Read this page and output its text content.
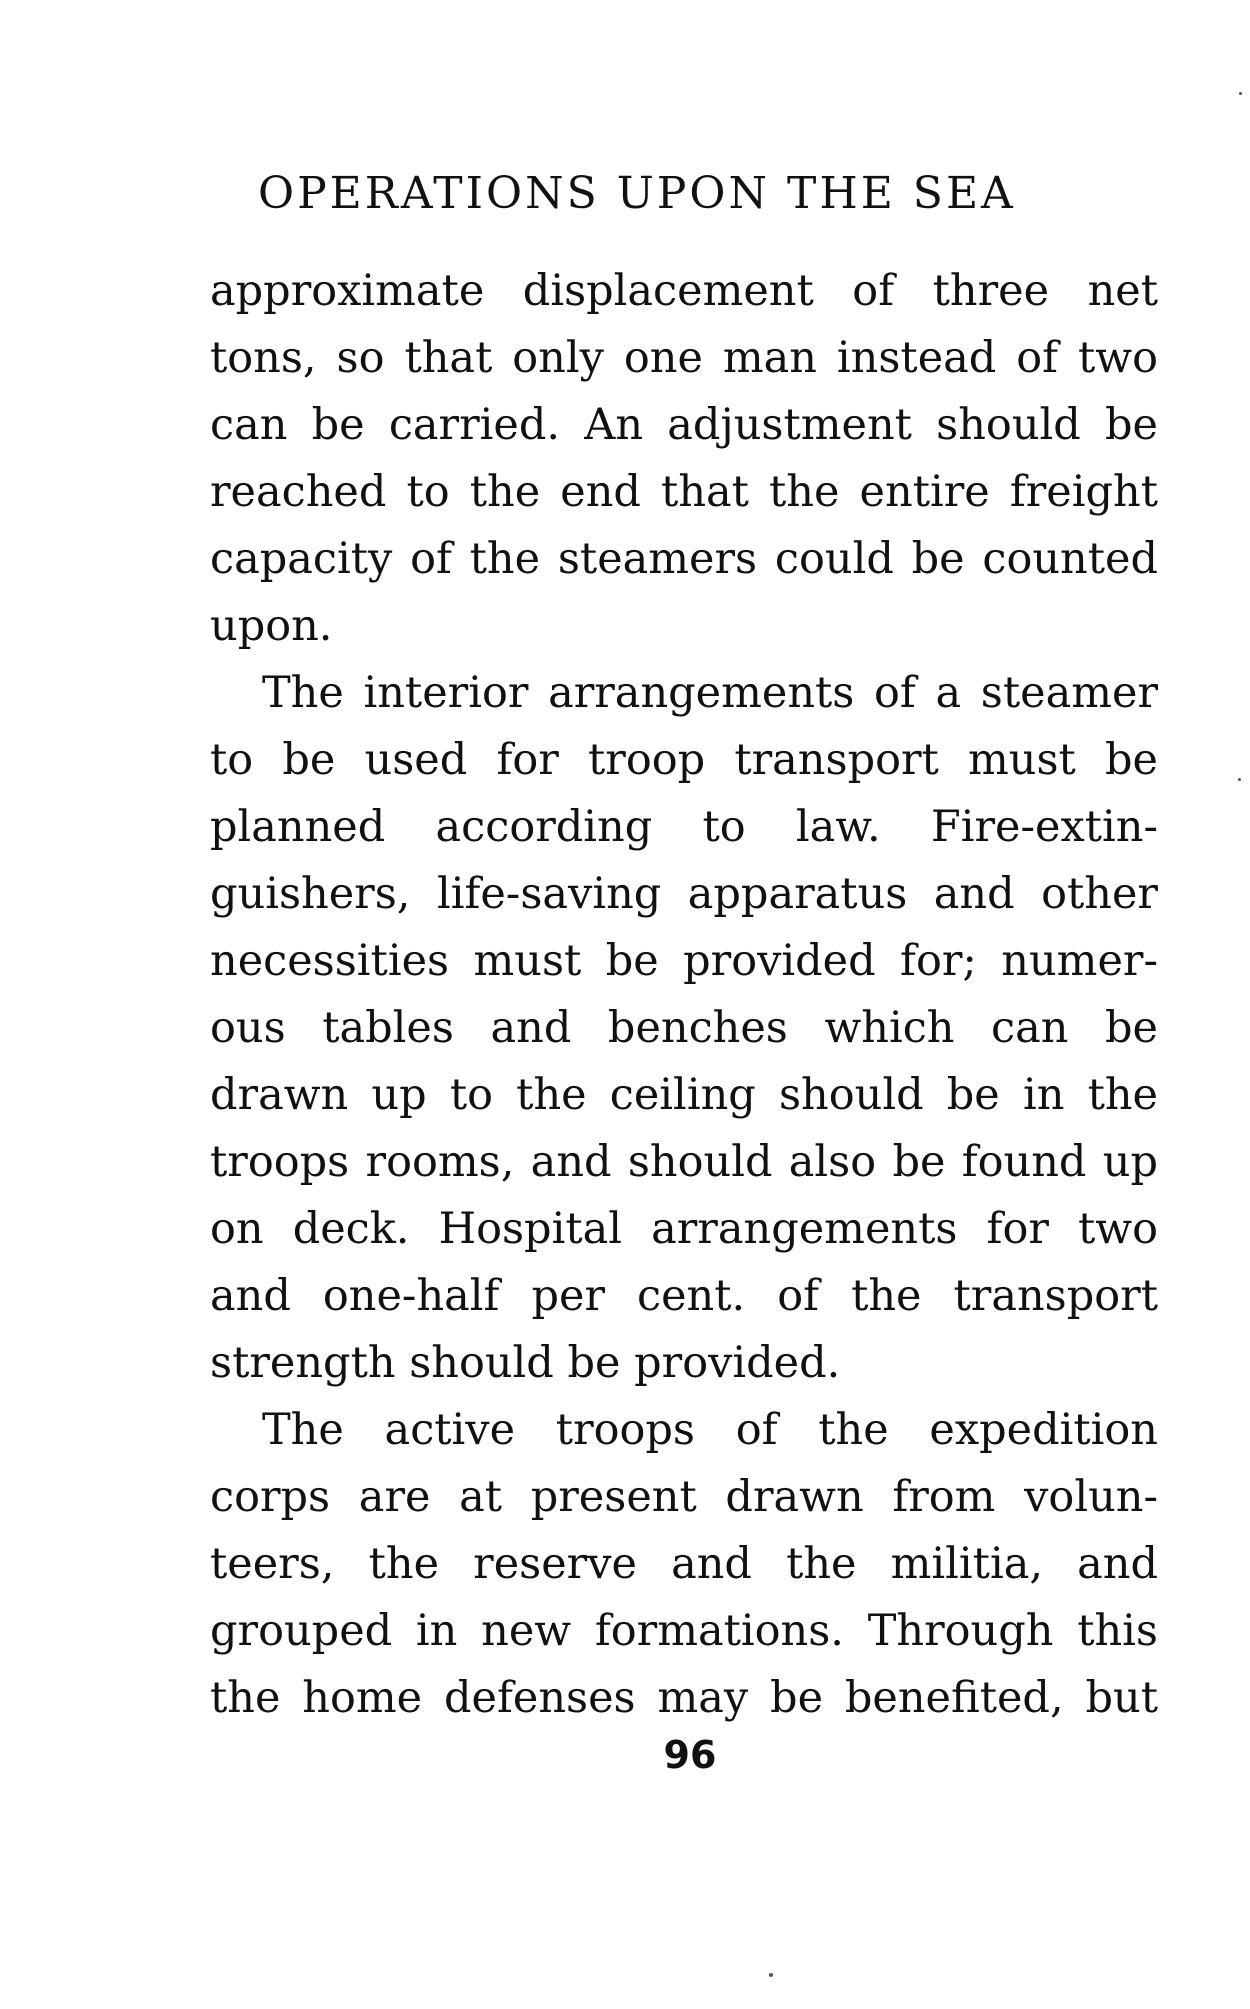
OPERATIONS UPON THE SEA
approximate displacement of three net
tons, so that only one man instead of two
can be carried. An adjustment should be
reached to the end that the entire freight
capacity of the steamers could be counted
upon.
The interior arrangements of a steamer
to be used for troop transport must be
planned according to law. Fire-extin-
guishers, life-saving apparatus and other
necessities must be provided for; numer-
ous tables and benches which can be
drawn up to the ceiling should be in the
troops rooms, and should also be found up
on deck. Hospital arrangements for two
and one-half per cent. of the transport
strength should be provided.
The active troops of the expedition
corps are at present drawn from volun-
teers, the reserve and the militia, and
grouped in new formations. Through this
the home defenses may be benefited, but
96
